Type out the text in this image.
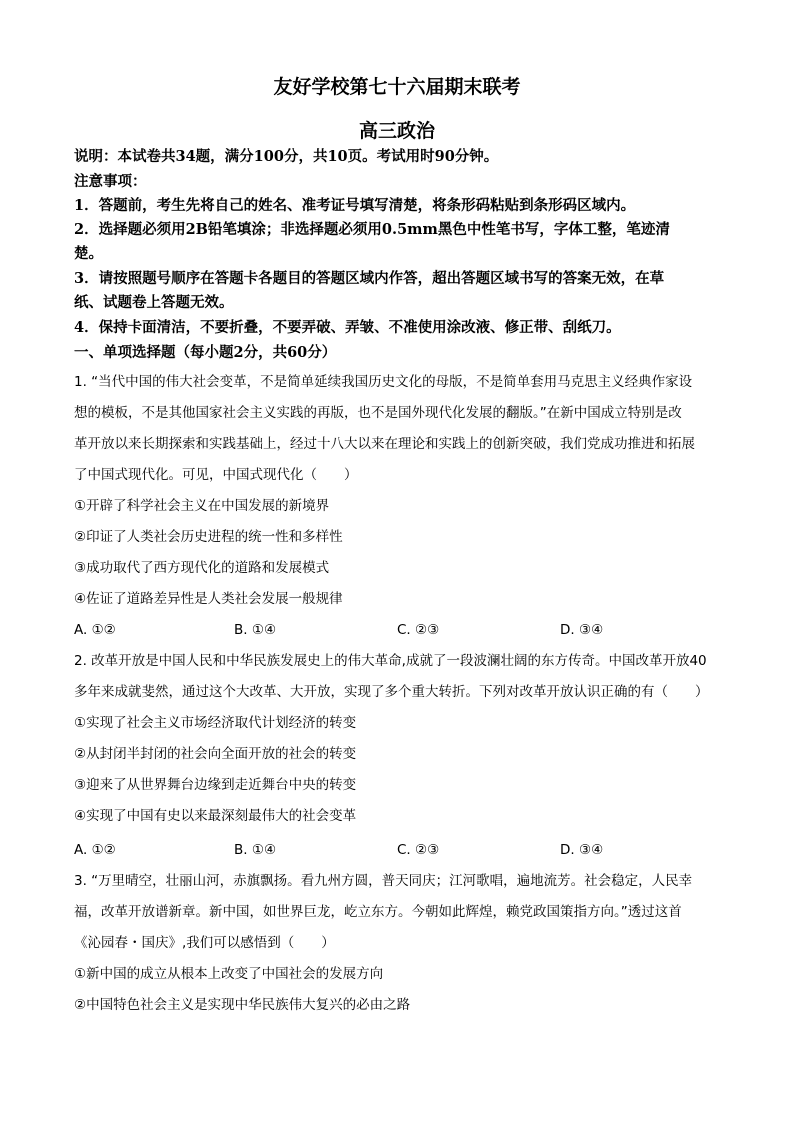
友好学校第七十六届期末联考
高三政治
说明：本试卷共34题，满分100分，共10页。考试用时90分钟。
注意事项：
1．答题前，考生先将自己的姓名、准考证号填写清楚，将条形码粘贴到条形码区域内。
2．选择题必须用2B铅笔填涂；非选择题必须用0.5mm黑色中性笔书写，字体工整，笔迹清
楚。
3．请按照题号顺序在答题卡各题目的答题区域内作答，超出答题区域书写的答案无效，在草
纸、试题卷上答题无效。
4．保持卡面清洁，不要折叠，不要弄破、弄皱、不准使用涂改液、修正带、刮纸刀。
一、单项选择题（每小题2分，共60分）
1. “当代中国的伟大社会变革，不是简单延续我国历史文化的母版，不是简单套用马克思主义经典作家设
想的模板，不是其他国家社会主义实践的再版，也不是国外现代化发展的翻版。”在新中国成立特别是改
革开放以来长期探索和实践基础上，经过十八大以来在理论和实践上的创新突破，我们党成功推进和拓展
了中国式现代化。可见，中国式现代化（　　）
①开辟了科学社会主义在中国发展的新境界
②印证了人类社会历史进程的统一性和多样性
③成功取代了西方现代化的道路和发展模式
④佐证了道路差异性是人类社会发展一般规律
A. ①②	B. ①④	C. ②③	D. ③④
2. 改革开放是中国人民和中华民族发展史上的伟大革命,成就了一段波澜壮阔的东方传奇。中国改革开放40
多年来成就斐然，通过这个大改革、大开放，实现了多个重大转折。下列对改革开放认识正确的有（　　）
①实现了社会主义市场经济取代计划经济的转变
②从封闭半封闭的社会向全面开放的社会的转变
③迎来了从世界舞台边缘到走近舞台中央的转变
④实现了中国有史以来最深刻最伟大的社会变革
A. ①②	B. ①④	C. ②③	D. ③④
3. “万里晴空，壮丽山河，赤旗飘扬。看九州方圆，普天同庆；江河歌唱，遍地流芳。社会稳定，人民幸
福，改革开放谱新章。新中国，如世界巨龙，屹立东方。今朝如此辉煌，赖党政国策指方向。”透过这首
《沁园春・国庆》,我们可以感悟到（　　）
①新中国的成立从根本上改变了中国社会的发展方向
②中国特色社会主义是实现中华民族伟大复兴的必由之路
